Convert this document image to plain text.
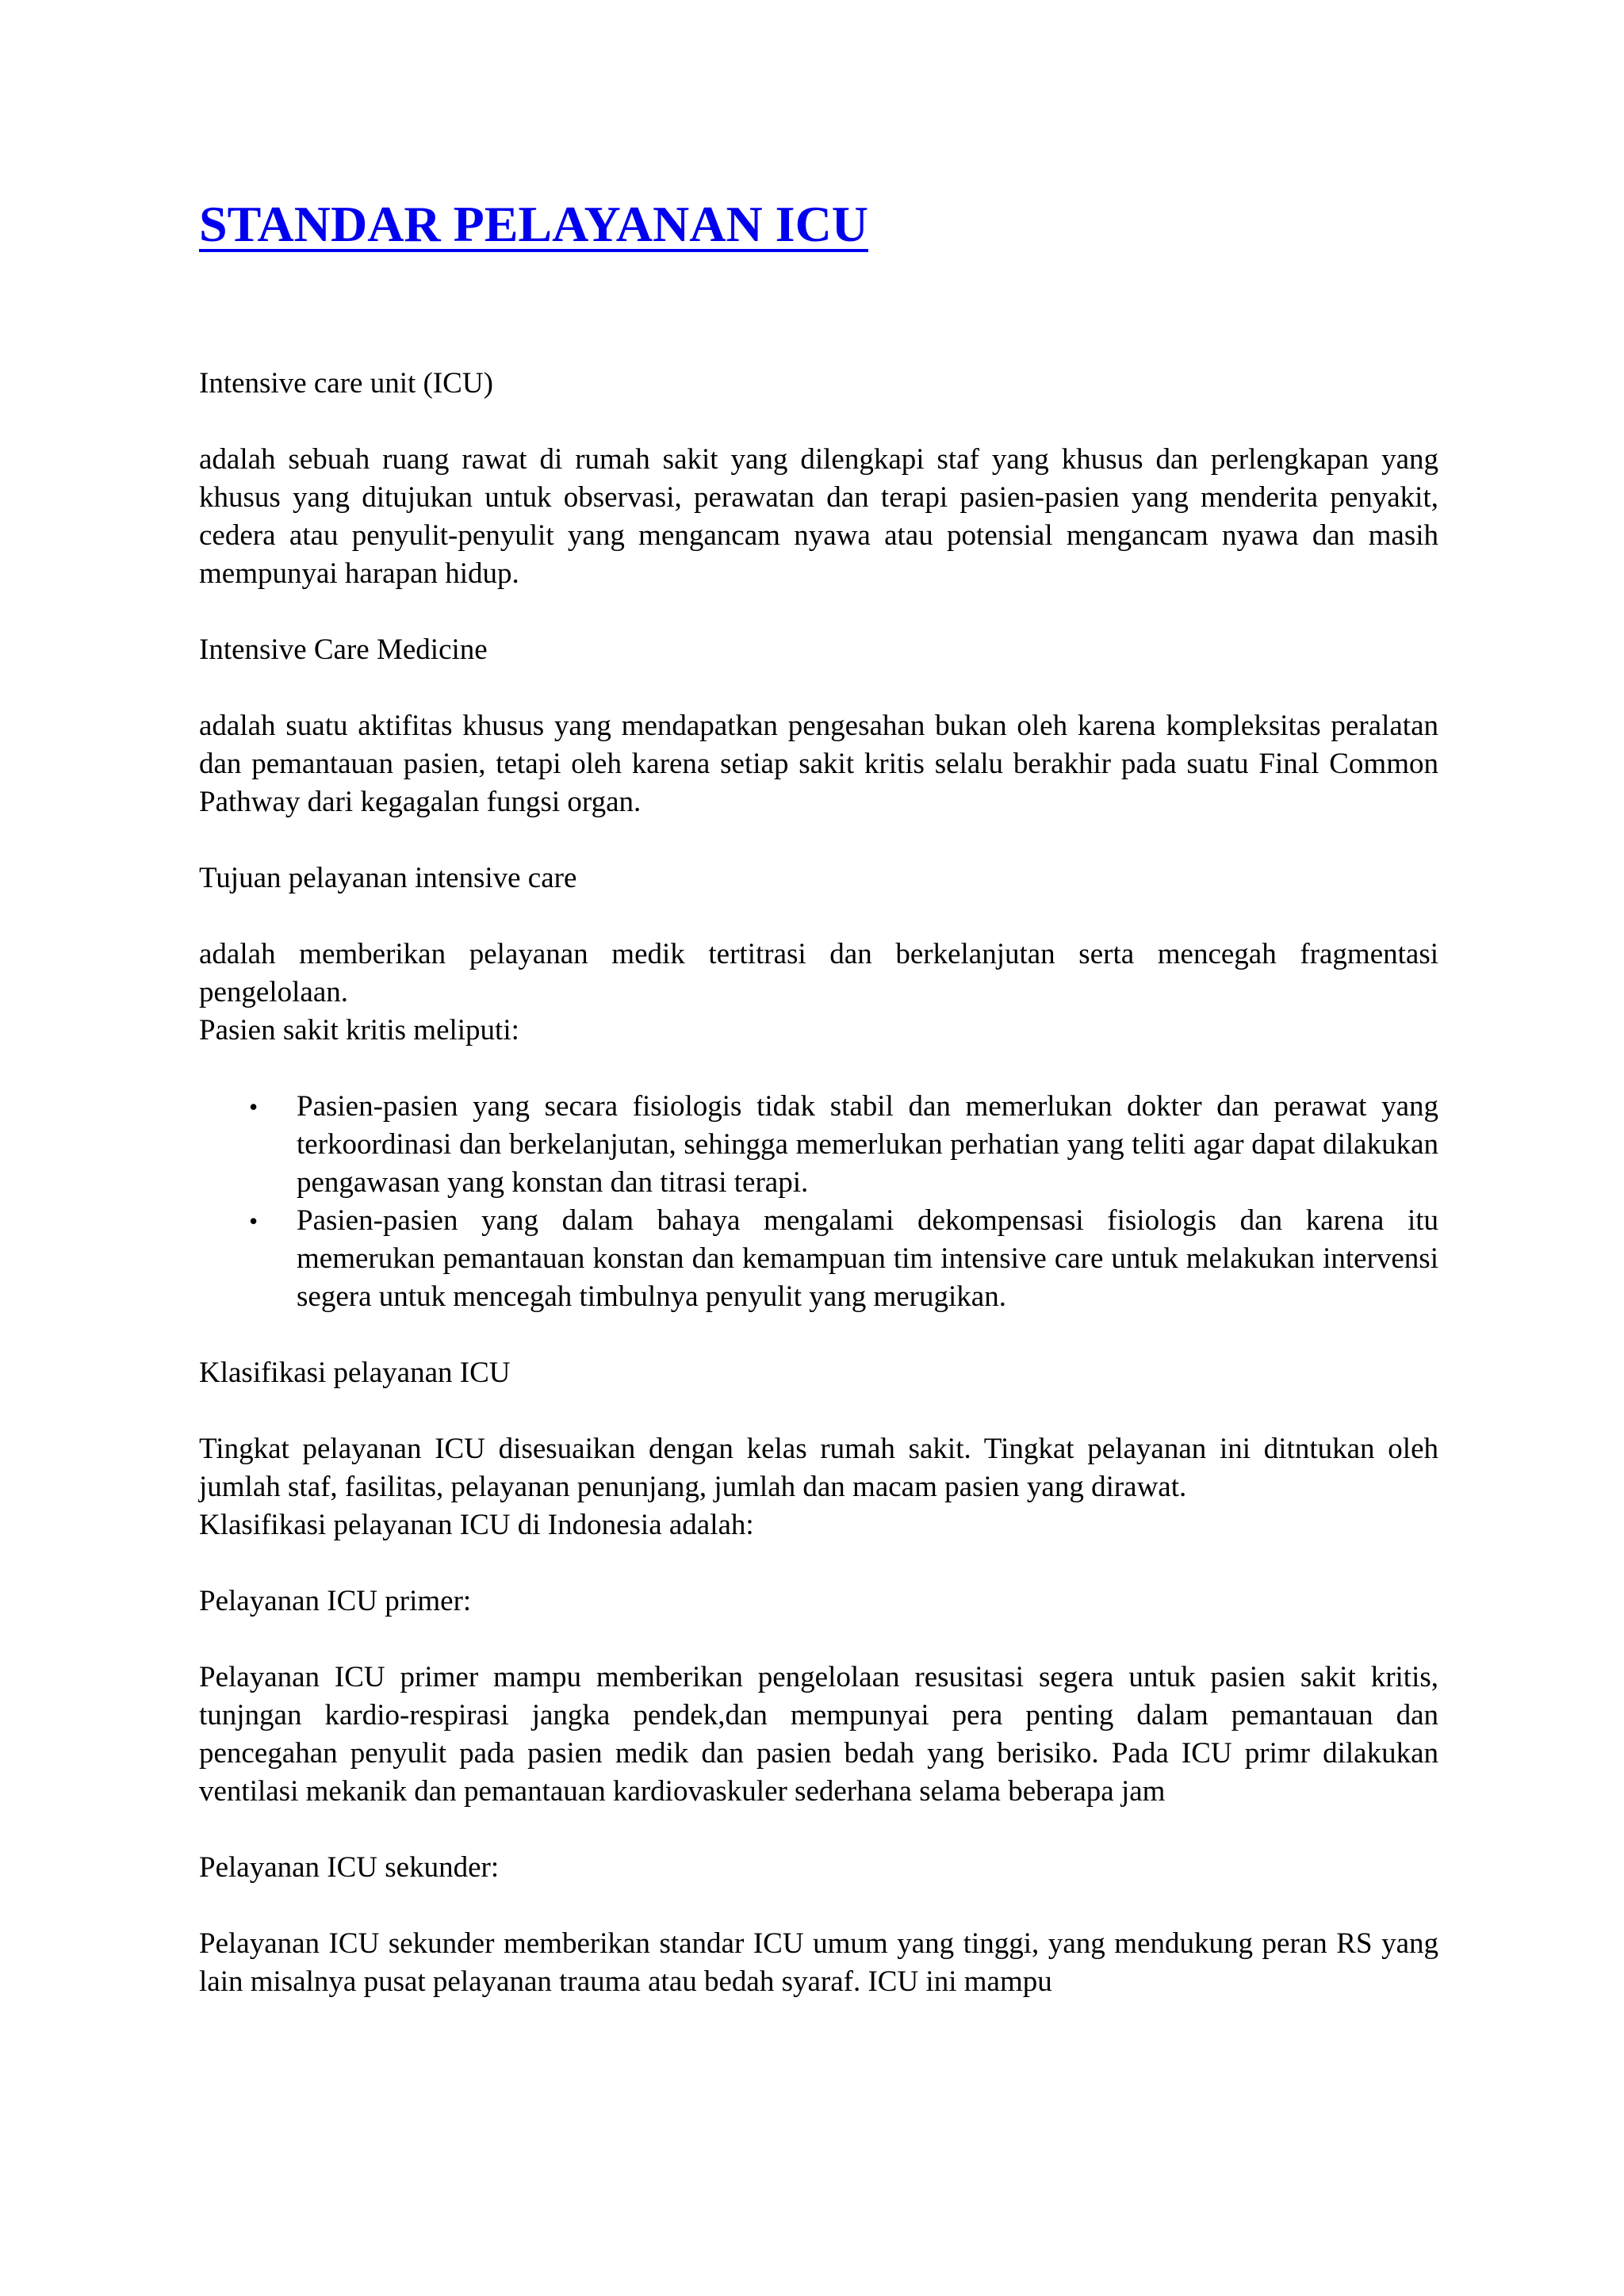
STANDAR PELAYANAN ICU

Intensive care unit (ICU)

adalah sebuah ruang rawat di rumah sakit yang dilengkapi staf yang khusus dan perlengkapan yang khusus yang ditujukan untuk observasi, perawatan dan terapi pasien-pasien yang menderita penyakit, cedera atau penyulit-penyulit yang mengancam nyawa atau potensial mengancam nyawa dan masih mempunyai harapan hidup.

Intensive Care Medicine

adalah suatu aktifitas khusus yang mendapatkan pengesahan bukan oleh karena kompleksitas peralatan dan pemantauan pasien, tetapi oleh karena setiap sakit kritis selalu berakhir pada suatu Final Common Pathway dari kegagalan fungsi organ.

Tujuan pelayanan intensive care

adalah memberikan pelayanan medik tertitrasi dan berkelanjutan serta mencegah fragmentasi pengelolaan.

Pasien sakit kritis meliputi:

• Pasien-pasien yang secara fisiologis tidak stabil dan memerlukan dokter dan perawat yang terkoordinasi dan berkelanjutan, sehingga memerlukan perhatian yang teliti agar dapat dilakukan pengawasan yang konstan dan titrasi terapi.
• Pasien-pasien yang dalam bahaya mengalami dekompensasi fisiologis dan karena itu memerukan pemantauan konstan dan kemampuan tim intensive care untuk melakukan intervensi segera untuk mencegah timbulnya penyulit yang merugikan.

Klasifikasi pelayanan ICU

Tingkat pelayanan ICU disesuaikan dengan kelas rumah sakit. Tingkat pelayanan ini ditntukan oleh jumlah staf, fasilitas, pelayanan penunjang, jumlah dan macam pasien yang dirawat.

Klasifikasi pelayanan ICU di Indonesia adalah:

Pelayanan ICU primer:

Pelayanan ICU primer mampu memberikan pengelolaan resusitasi segera untuk pasien sakit kritis, tunjngan kardio-respirasi jangka pendek,dan mempunyai pera penting dalam pemantauan dan pencegahan penyulit pada pasien medik dan pasien bedah yang berisiko. Pada ICU primr dilakukan ventilasi mekanik dan pemantauan kardiovaskuler sederhana selama beberapa jam

Pelayanan ICU sekunder:

Pelayanan ICU sekunder memberikan standar ICU umum yang tinggi, yang mendukung peran RS yang lain misalnya pusat pelayanan trauma atau bedah syaraf. ICU ini mampu
